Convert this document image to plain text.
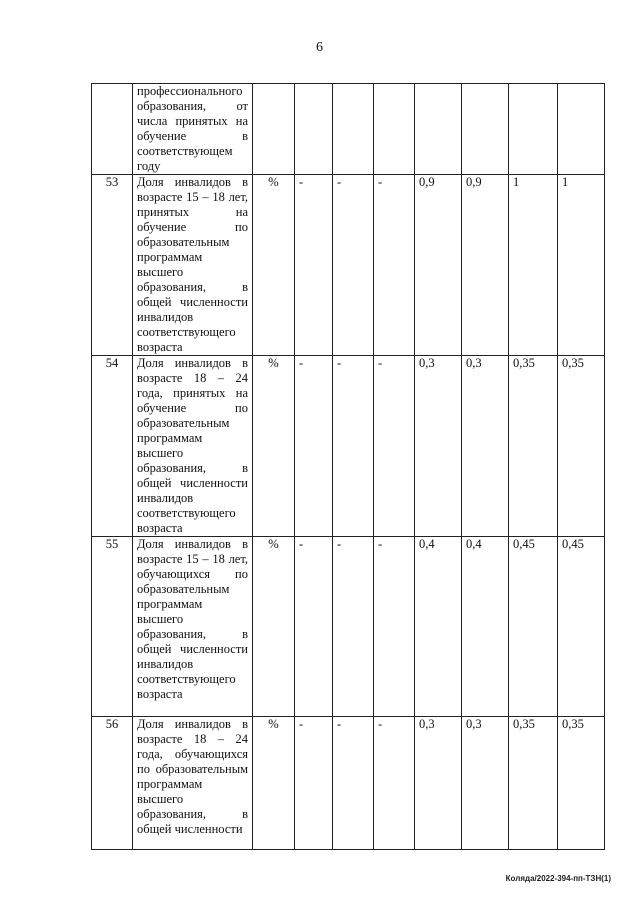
6
	профессионального образования, от числа принятых на обучение в соответствующем году								
53	Доля инвалидов в возрасте 15 – 18 лет, принятых на обучение по образовательным программам высшего образования, в общей численности инвалидов соответствующего возраста	%	-	-	-	0,9	0,9	1	1
54	Доля инвалидов в возрасте 18 – 24 года, принятых на обучение по образовательным программам высшего образования, в общей численности инвалидов соответствующего возраста	%	-	-	-	0,3	0,3	0,35	0,35
55	Доля инвалидов в возрасте 15 – 18 лет, обучающихся по образовательным программам высшего образования, в общей численности инвалидов соответствующего возраста	%	-	-	-	0,4	0,4	0,45	0,45
56	Доля инвалидов в возрасте 18 – 24 года, обучающихся по образовательным программам высшего образования, в общей численности	%	-	-	-	0,3	0,3	0,35	0,35
Коляда/2022-394-пп-ТЗН(1)
